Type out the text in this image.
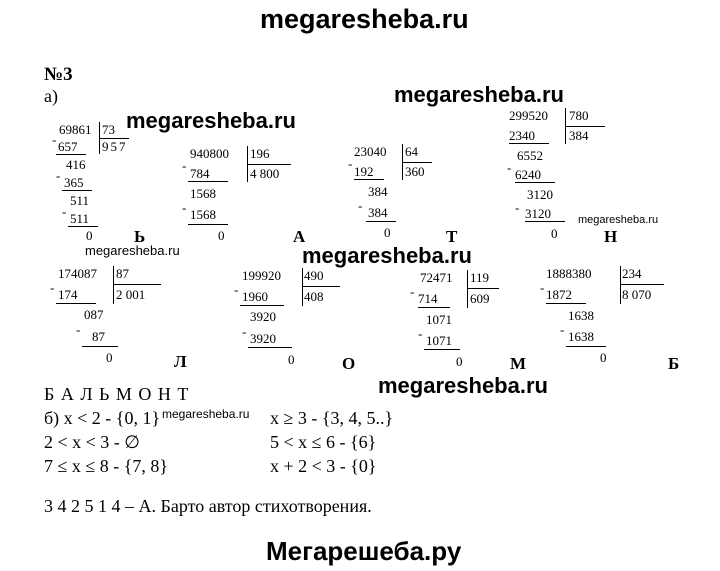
megaresheba.ru
megaresheba.ru
megaresheba.ru
megaresheba.ru
megaresheba.ru
megaresheba.ru
megaresheba.ru
megaresheba.ru
Мегарешеба.ру
№3
а)
69861 73
957
- 657
416
- 365
511
- 511
0
940800 196
4 800
-
784
1568
- 1568
0
23040 64
360
-
192
384
- 384
0
299520 780
384
2340
6552
- 6240
3120
- 3120
0
174087 87
2 001
- 174
087
- 87
0
199920 490
408
- 1960
3920
- 3920
0
72471 119
609
- 714
1071
- 1071
0
1888380 234
8 070
- 1872
1638
- 1638
0
Ь	А	Т	Н
Л	О	М	Б
Б А Л Ь М О Н Т
б) x < 2 - {0, 1}	x ≥ 3 - {3, 4, 5..}
2 < x < 3 - ∅	5 < x ≤ 6 - {6}
7 ≤ x ≤ 8 - {7, 8}	x + 2 < 3 - {0}
3 4 2 5 1 4 – А. Барто автор стихотворения.
